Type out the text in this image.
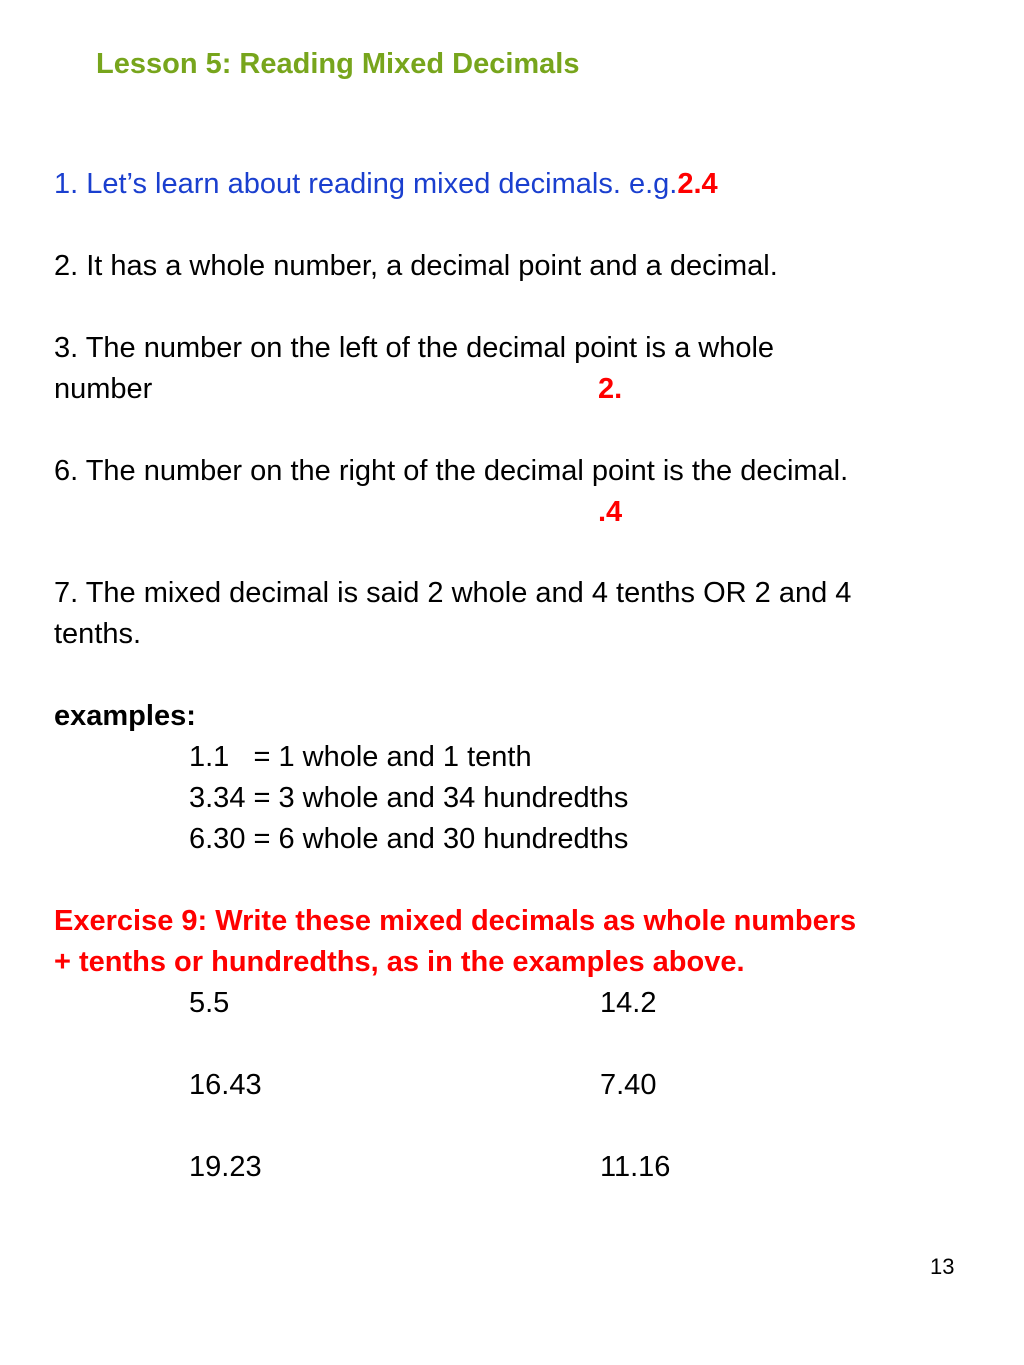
Lesson 5: Reading Mixed Decimals
1. Let’s learn about reading mixed decimals. e.g.2.4
2. It has a whole number, a decimal point and a decimal.
3. The number on the left of the decimal point is a whole
number	2.
6. The number on the right of the decimal point is the decimal.
.4
7. The mixed decimal is said 2 whole and 4 tenths OR 2 and 4
tenths.
examples:
1.1   = 1 whole and 1 tenth
3.34 = 3 whole and 34 hundredths
6.30 = 6 whole and 30 hundredths
Exercise 9: Write these mixed decimals as whole numbers
+ tenths or hundredths, as in the examples above.
5.5	14.2
16.43	7.40
19.23	11.16
13
